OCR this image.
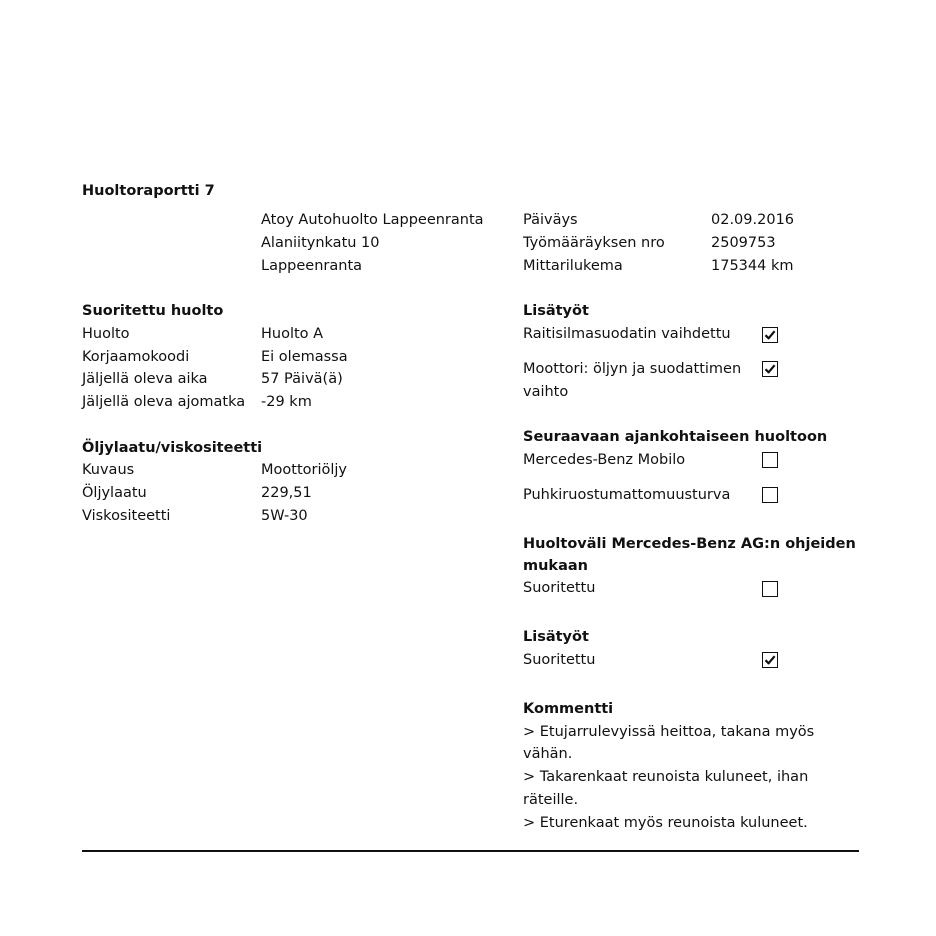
Huoltoraportti 7
Atoy Autohuolto Lappeenranta
Alaniitynkatu 10
Lappeenranta
Päiväys	02.09.2016
Työmääräyksen nro	2509753
Mittarilukema	175344 km
Suoritettu huolto
Huolto	Huolto A
Korjaamokoodi	Ei olemassa
Jäljellä oleva aika	57 Päivä(ä)
Jäljellä oleva ajomatka -29 km
Öljylaatu/viskositeetti
Kuvaus	Moottoriöljy
Öljylaatu	229,51
Viskositeetti	5W-30
Lisätyöt
Raitisilmasuodatin vaihdettu
Moottori: öljyn ja suodattimen
vaihto
Seuraavaan ajankohtaiseen huoltoon
Mercedes-Benz Mobilo
Puhkiruostumattomuusturva
Huoltoväli Mercedes-Benz AG:n ohjeiden
mukaan
Suoritettu
Lisätyöt
Suoritettu
Kommentti
> Etujarrulevyissä heittoa, takana myös
vähän.
> Takarenkaat reunoista kuluneet, ihan
räteille.
> Eturenkaat myös reunoista kuluneet.
